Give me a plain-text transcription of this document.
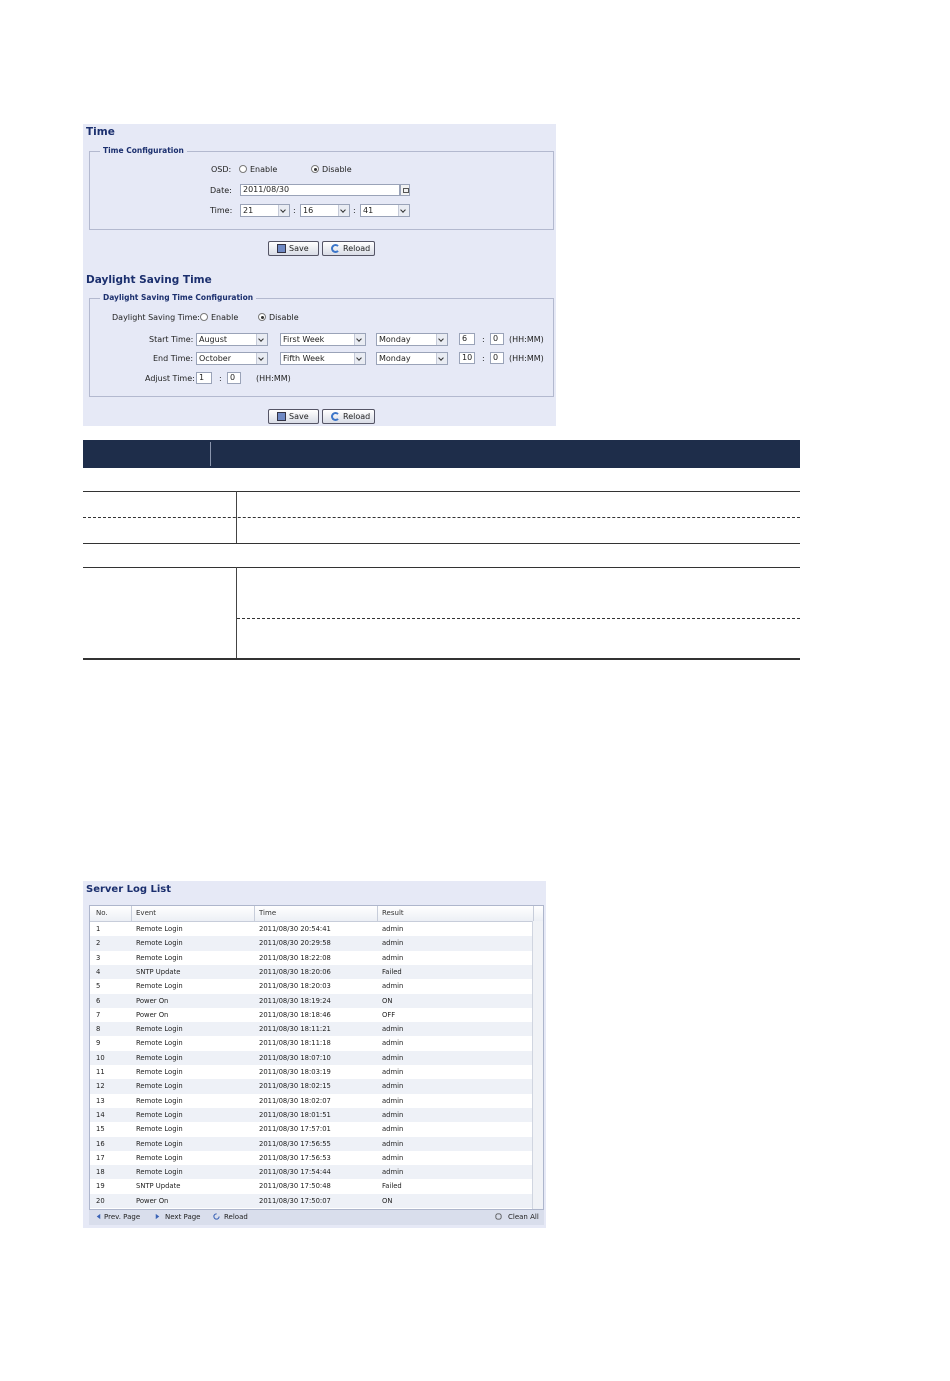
Time
Time Configuration
OSD: Enable	Disable
Date:	2011/08/30
Time:	21	: 16	: 41
Save	Reload
Daylight Saving Time
Daylight Saving Time Configuration
Daylight Saving Time: Enable	Disable
Start Time: August	First Week	Monday	6	:	0	(HH:MM)
End Time: October	Fifth Week	Monday	10	:	0	(HH:MM)
Adjust Time: 1	:	0	(HH:MM)
Save	Reload
Server Log List
No.	Event	Time	Result
1	Remote Login	2011/08/30 20:54:41	admin
2	Remote Login	2011/08/30 20:29:58	admin
3	Remote Login	2011/08/30 18:22:08	admin
4	SNTP Update	2011/08/30 18:20:06	Failed
5	Remote Login	2011/08/30 18:20:03	admin
6	Power On	2011/08/30 18:19:24	ON
7	Power On	2011/08/30 18:18:46	OFF
8	Remote Login	2011/08/30 18:11:21	admin
9	Remote Login	2011/08/30 18:11:18	admin
10	Remote Login	2011/08/30 18:07:10	admin
11	Remote Login	2011/08/30 18:03:19	admin
12	Remote Login	2011/08/30 18:02:15	admin
13	Remote Login	2011/08/30 18:02:07	admin
14	Remote Login	2011/08/30 18:01:51	admin
15	Remote Login	2011/08/30 17:57:01	admin
16	Remote Login	2011/08/30 17:56:55	admin
17	Remote Login	2011/08/30 17:56:53	admin
18	Remote Login	2011/08/30 17:54:44	admin
19	SNTP Update	2011/08/30 17:50:48	Failed
20	Power On	2011/08/30 17:50:07	ON
Prev. Page	Next Page	Reload	Clean All
